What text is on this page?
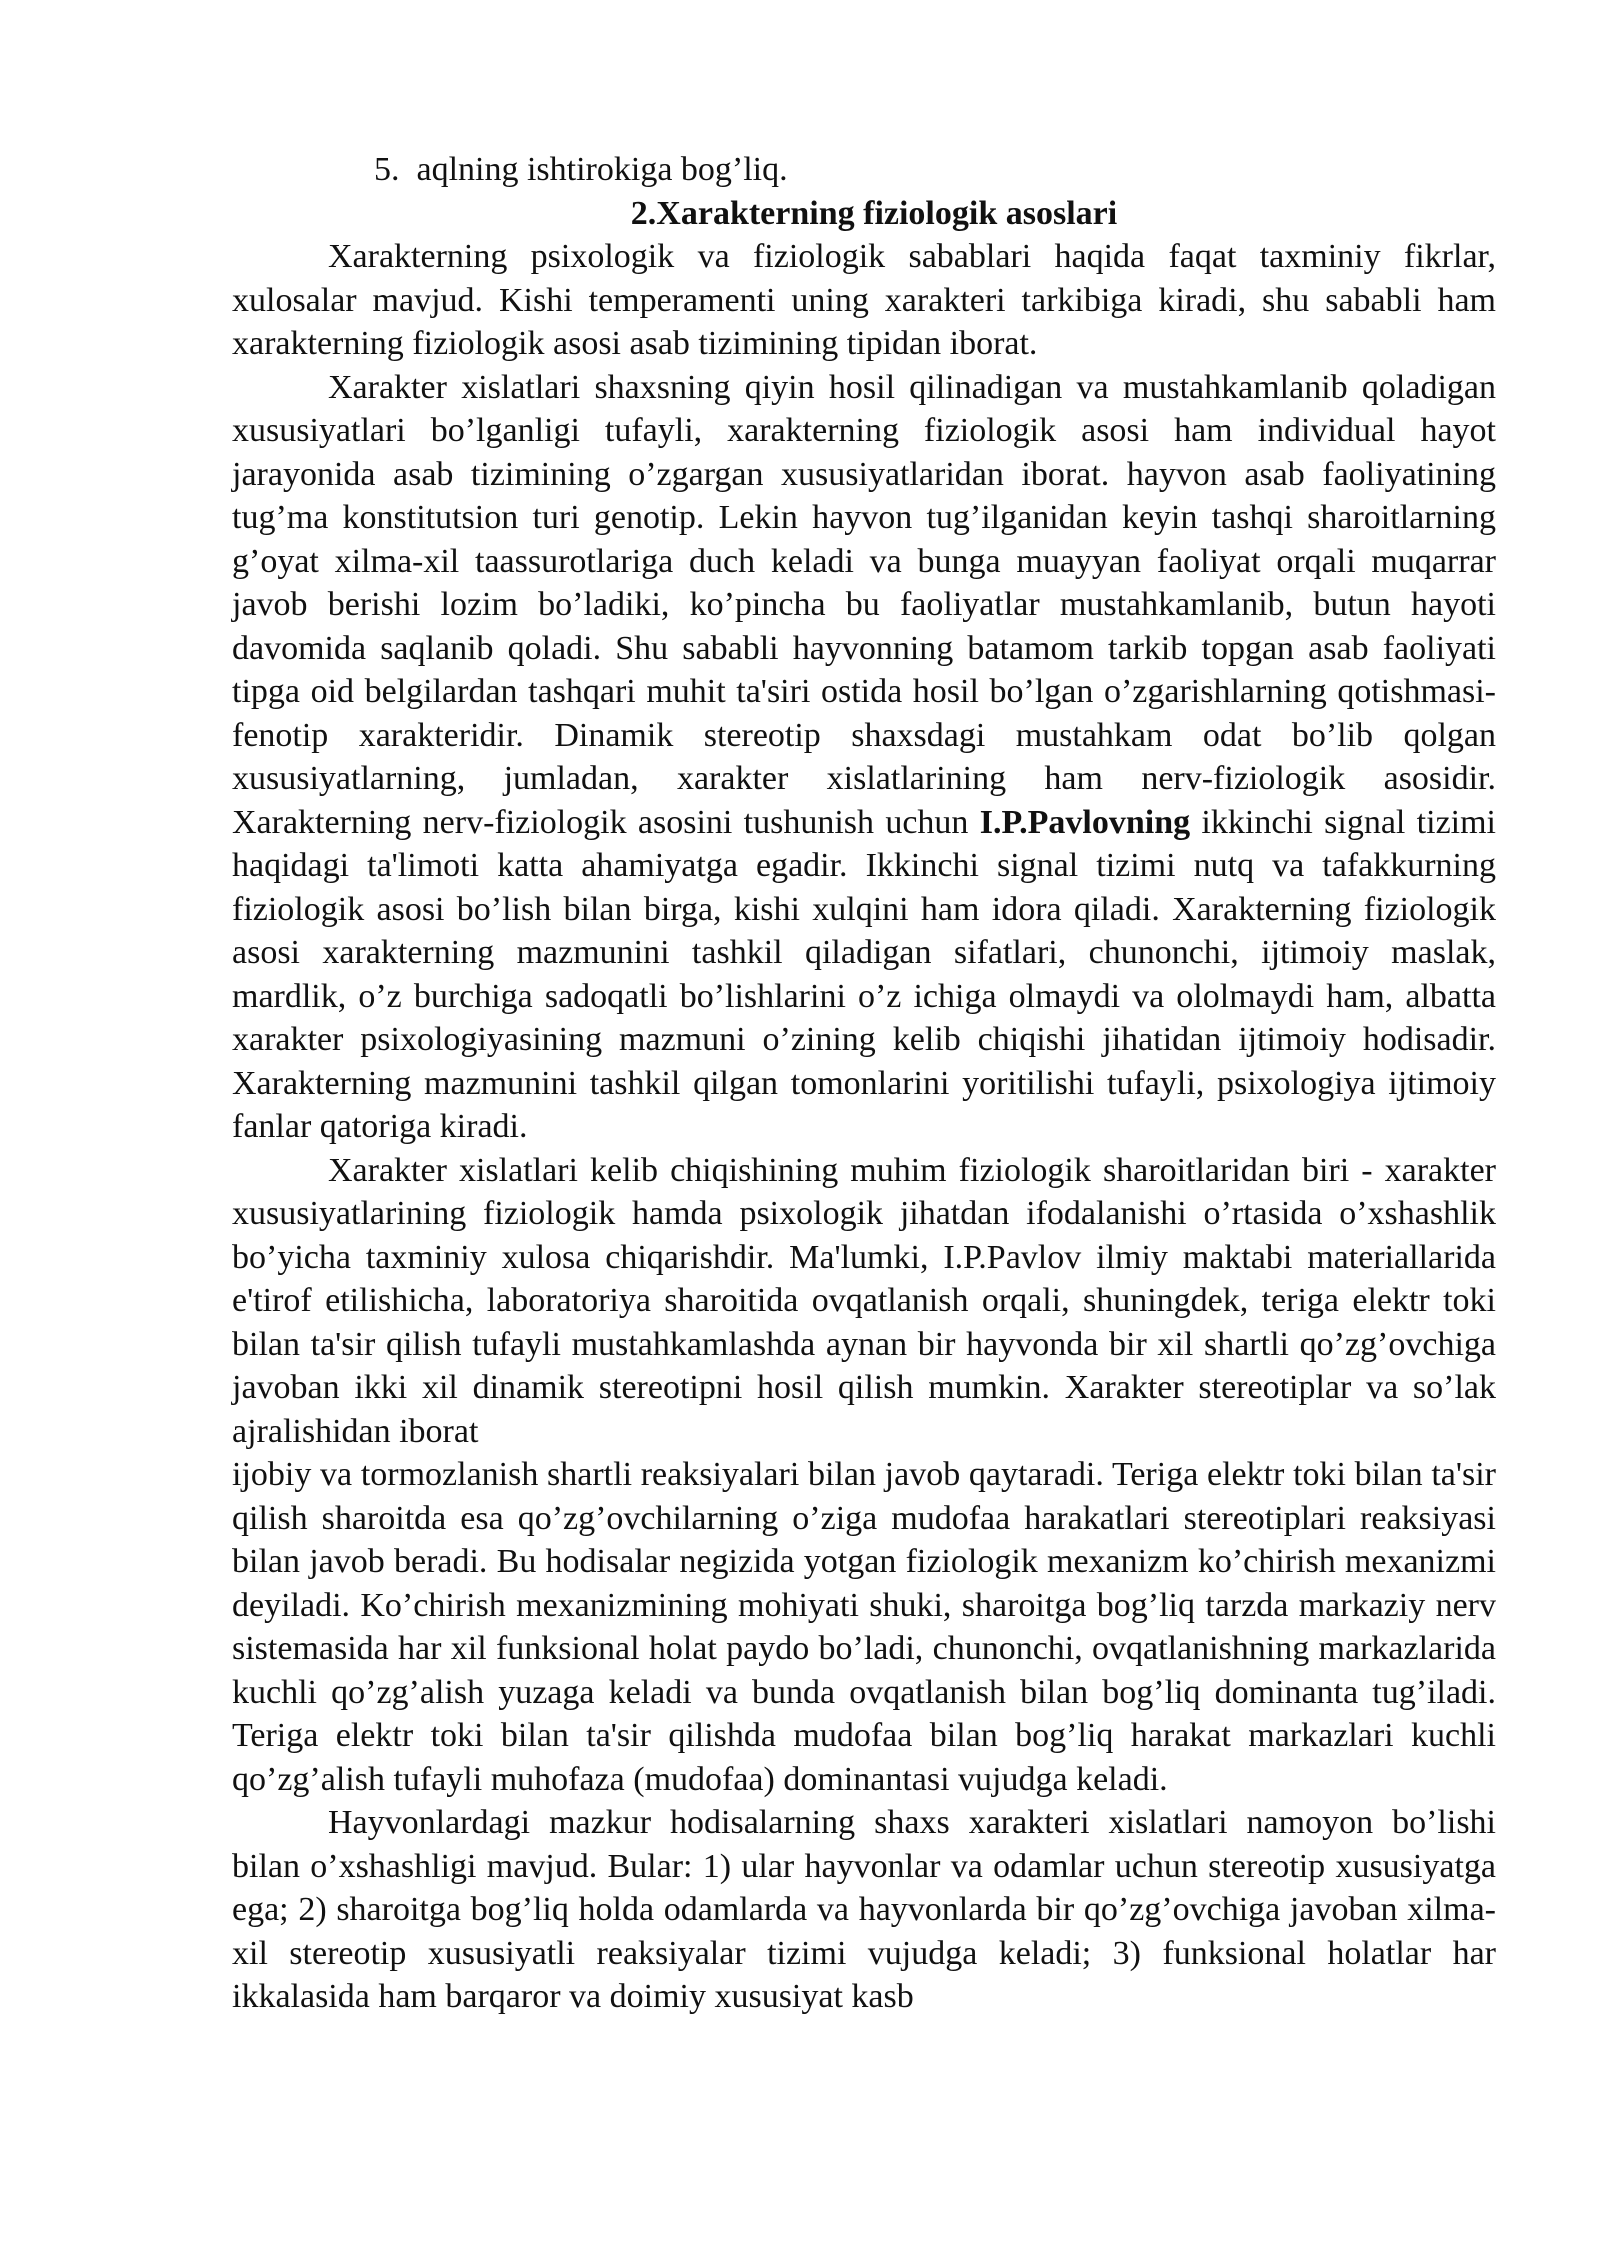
5. aqlning ishtirokiga bog’liq.

2.Xarakterning fiziologik asoslari

Xarakterning psixologik va fiziologik sabablari haqida faqat taxminiy fikrlar, xulosalar mavjud. Kishi temperamenti uning xarakteri tarkibiga kiradi, shu sababli ham xarakterning fiziologik asosi asab tizimining tipidan iborat.

Xarakter xislatlari shaxsning qiyin hosil qilinadigan va mustahkamlanib qoladigan xususiyatlari bo’lganligi tufayli, xarakterning fiziologik asosi ham individual hayot jarayonida asab tizimining o’zgargan xususiyatlaridan iborat. hayvon asab faoliyatining tug’ma konstitutsion turi genotip. Lekin hayvon tug’ilganidan keyin tashqi sharoitlarning g’oyat xilma-xil taassurotlariga duch keladi va bunga muayyan faoliyat orqali muqarrar javob berishi lozim bo’ladiki, ko’pincha bu faoliyatlar mustahkamlanib, butun hayoti davomida saqlanib qoladi. Shu sababli hayvonning batamom tarkib topgan asab faoliyati tipga oid belgilardan tashqari muhit ta'siri ostida hosil bo’lgan o’zgarishlarning qotishmasi-fenotip xarakteridir. Dinamik stereotip shaxsdagi mustahkam odat bo’lib qolgan xususiyatlarning, jumladan, xarakter xislatlarining ham nerv-fiziologik asosidir. Xarakterning nerv-fiziologik asosini tushunish uchun I.P.Pavlovning ikkinchi signal tizimi haqidagi ta'limoti katta ahamiyatga egadir. Ikkinchi signal tizimi nutq va tafakkurning fiziologik asosi bo’lish bilan birga, kishi xulqini ham idora qiladi. Xarakterning fiziologik asosi xarakterning mazmunini tashkil qiladigan sifatlari, chunonchi, ijtimoiy maslak, mardlik, o’z burchiga sadoqatli bo’lishlarini o’z ichiga olmaydi va ololmaydi ham, albatta xarakter psixologiyasining mazmuni o’zining kelib chiqishi jihatidan ijtimoiy hodisadir. Xarakterning mazmunini tashkil qilgan tomonlarini yoritilishi tufayli, psixologiya ijtimoiy fanlar qatoriga kiradi.

Xarakter xislatlari kelib chiqishining muhim fiziologik sharoitlaridan biri - xarakter xususiyatlarining fiziologik hamda psixologik jihatdan ifodalanishi o’rtasida o’xshashlik bo’yicha taxminiy xulosa chiqarishdir. Ma'lumki, I.P.Pavlov ilmiy maktabi materiallarida e'tirof etilishicha, laboratoriya sharoitida ovqatlanish orqali, shuningdek, teriga elektr toki bilan ta'sir qilish tufayli mustahkamlashda aynan bir hayvonda bir xil shartli qo’zg’ovchiga javoban ikki xil dinamik stereotipni hosil qilish mumkin. Xarakter stereotiplar va so’lak ajralishidan iborat

ijobiy va tormozlanish shartli reaksiyalari bilan javob qaytaradi. Teriga elektr toki bilan ta'sir qilish sharoitda esa qo’zg’ovchilarning o’ziga mudofaa harakatlari stereotiplari reaksiyasi bilan javob beradi. Bu hodisalar negizida yotgan fiziologik mexanizm ko’chirish mexanizmi deyiladi. Ko’chirish mexanizmining mohiyati shuki, sharoitga bog’liq tarzda markaziy nerv sistemasida har xil funksional holat paydo bo’ladi, chunonchi, ovqatlanishning markazlarida kuchli qo’zg’alish yuzaga keladi va bunda ovqatlanish bilan bog’liq dominanta tug’iladi. Teriga elektr toki bilan ta'sir qilishda mudofaa bilan bog’liq harakat markazlari kuchli qo’zg’alish tufayli muhofaza (mudofaa) dominantasi vujudga keladi.

Hayvonlardagi mazkur hodisalarning shaxs xarakteri xislatlari namoyon bo’lishi bilan o’xshashligi mavjud. Bular: 1) ular hayvonlar va odamlar uchun stereotip xususiyatga ega; 2) sharoitga bog’liq holda odamlarda va hayvonlarda bir qo’zg’ovchiga javoban xilma-xil stereotip xususiyatli reaksiyalar tizimi vujudga keladi; 3) funksional holatlar har ikkalasida ham barqaror va doimiy xususiyat kasb
